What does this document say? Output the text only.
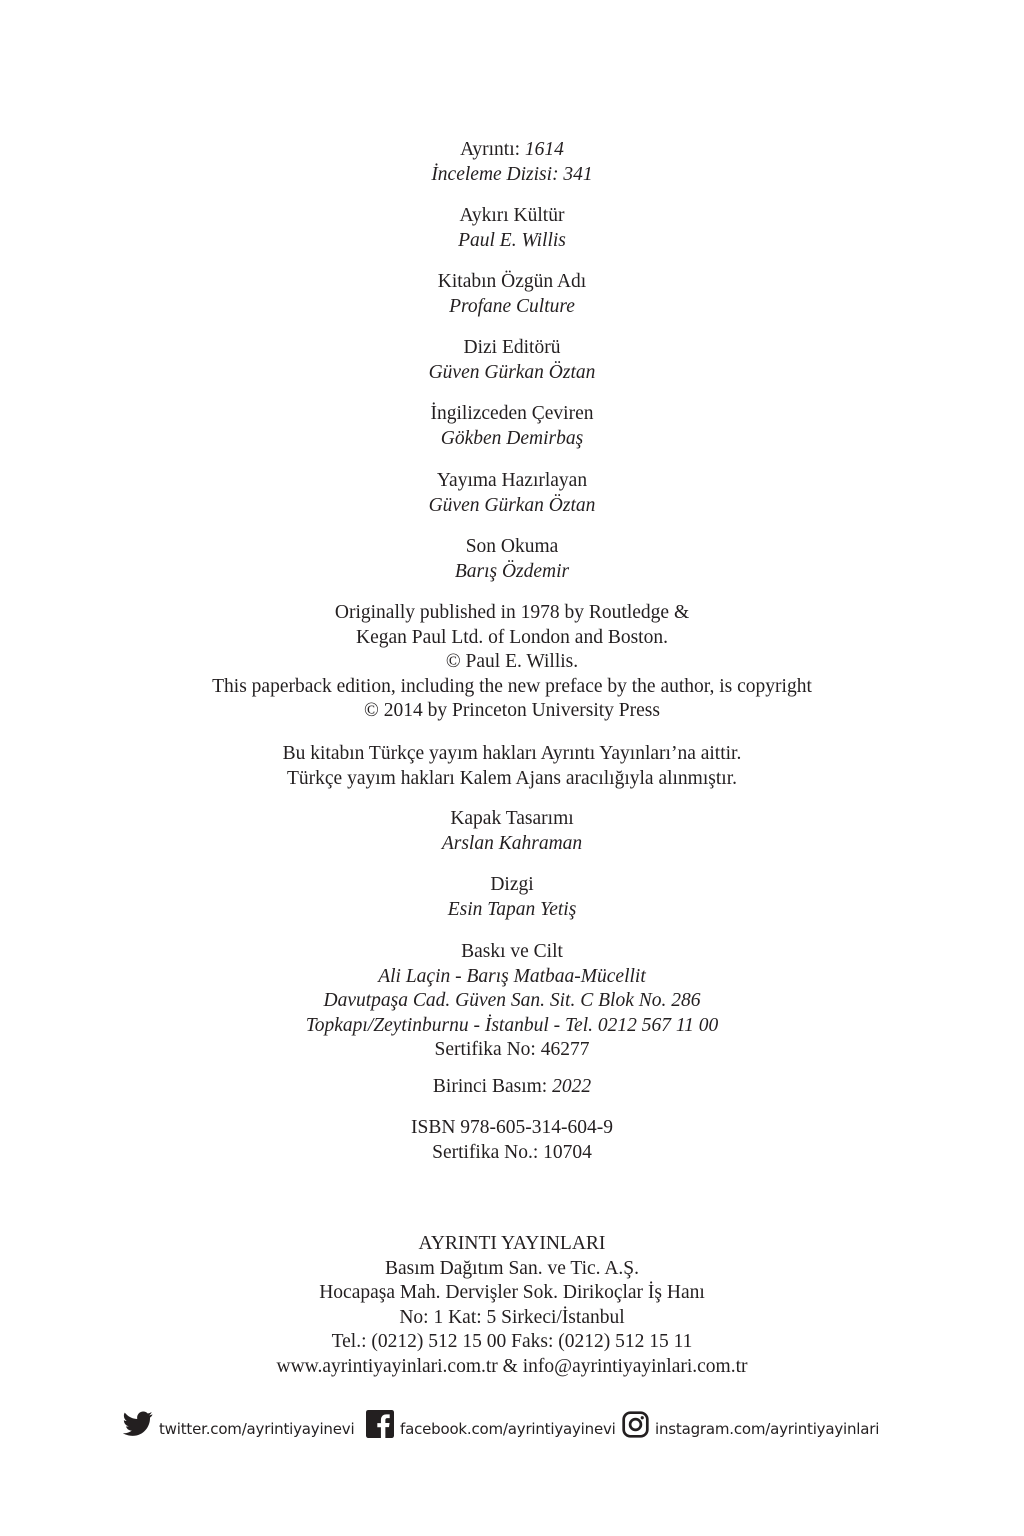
Ayrıntı: 1614
İnceleme Dizisi: 341
Aykırı Kültür
Paul E. Willis
Kitabın Özgün Adı
Profane Culture
Dizi Editörü
Güven Gürkan Öztan
İngilizceden Çeviren
Gökben Demirbaş
Yayıma Hazırlayan
Güven Gürkan Öztan
Son Okuma
Barış Özdemir
Originally published in 1978 by Routledge &
Kegan Paul Ltd. of London and Boston.
© Paul E. Willis.
This paperback edition, including the new preface by the author, is copyright
© 2014 by Princeton University Press
Bu kitabın Türkçe yayım hakları Ayrıntı Yayınları’na aittir.
Türkçe yayım hakları Kalem Ajans aracılığıyla alınmıştır.
Kapak Tasarımı
Arslan Kahraman
Dizgi
Esin Tapan Yetiş
Baskı ve Cilt
Ali Laçin - Barış Matbaa-Mücellit
Davutpaşa Cad. Güven San. Sit. C Blok No. 286
Topkapı/Zeytinburnu - İstanbul - Tel. 0212 567 11 00
Sertifika No: 46277
Birinci Basım: 2022
ISBN 978-605-314-604-9
Sertifika No.: 10704
AYRINTI YAYINLARI
Basım Dağıtım San. ve Tic. A.Ş.
Hocapaşa Mah. Dervişler Sok. Dirikoçlar İş Hanı
No: 1 Kat: 5 Sirkeci/İstanbul
Tel.: (0212) 512 15 00 Faks: (0212) 512 15 11
www.ayrintiyayinlari.com.tr & info@ayrintiyayinlari.com.tr
twitter.com/ayrintiyayinevi	facebook.com/ayrintiyayinevi	instagram.com/ayrintiyayinlari
